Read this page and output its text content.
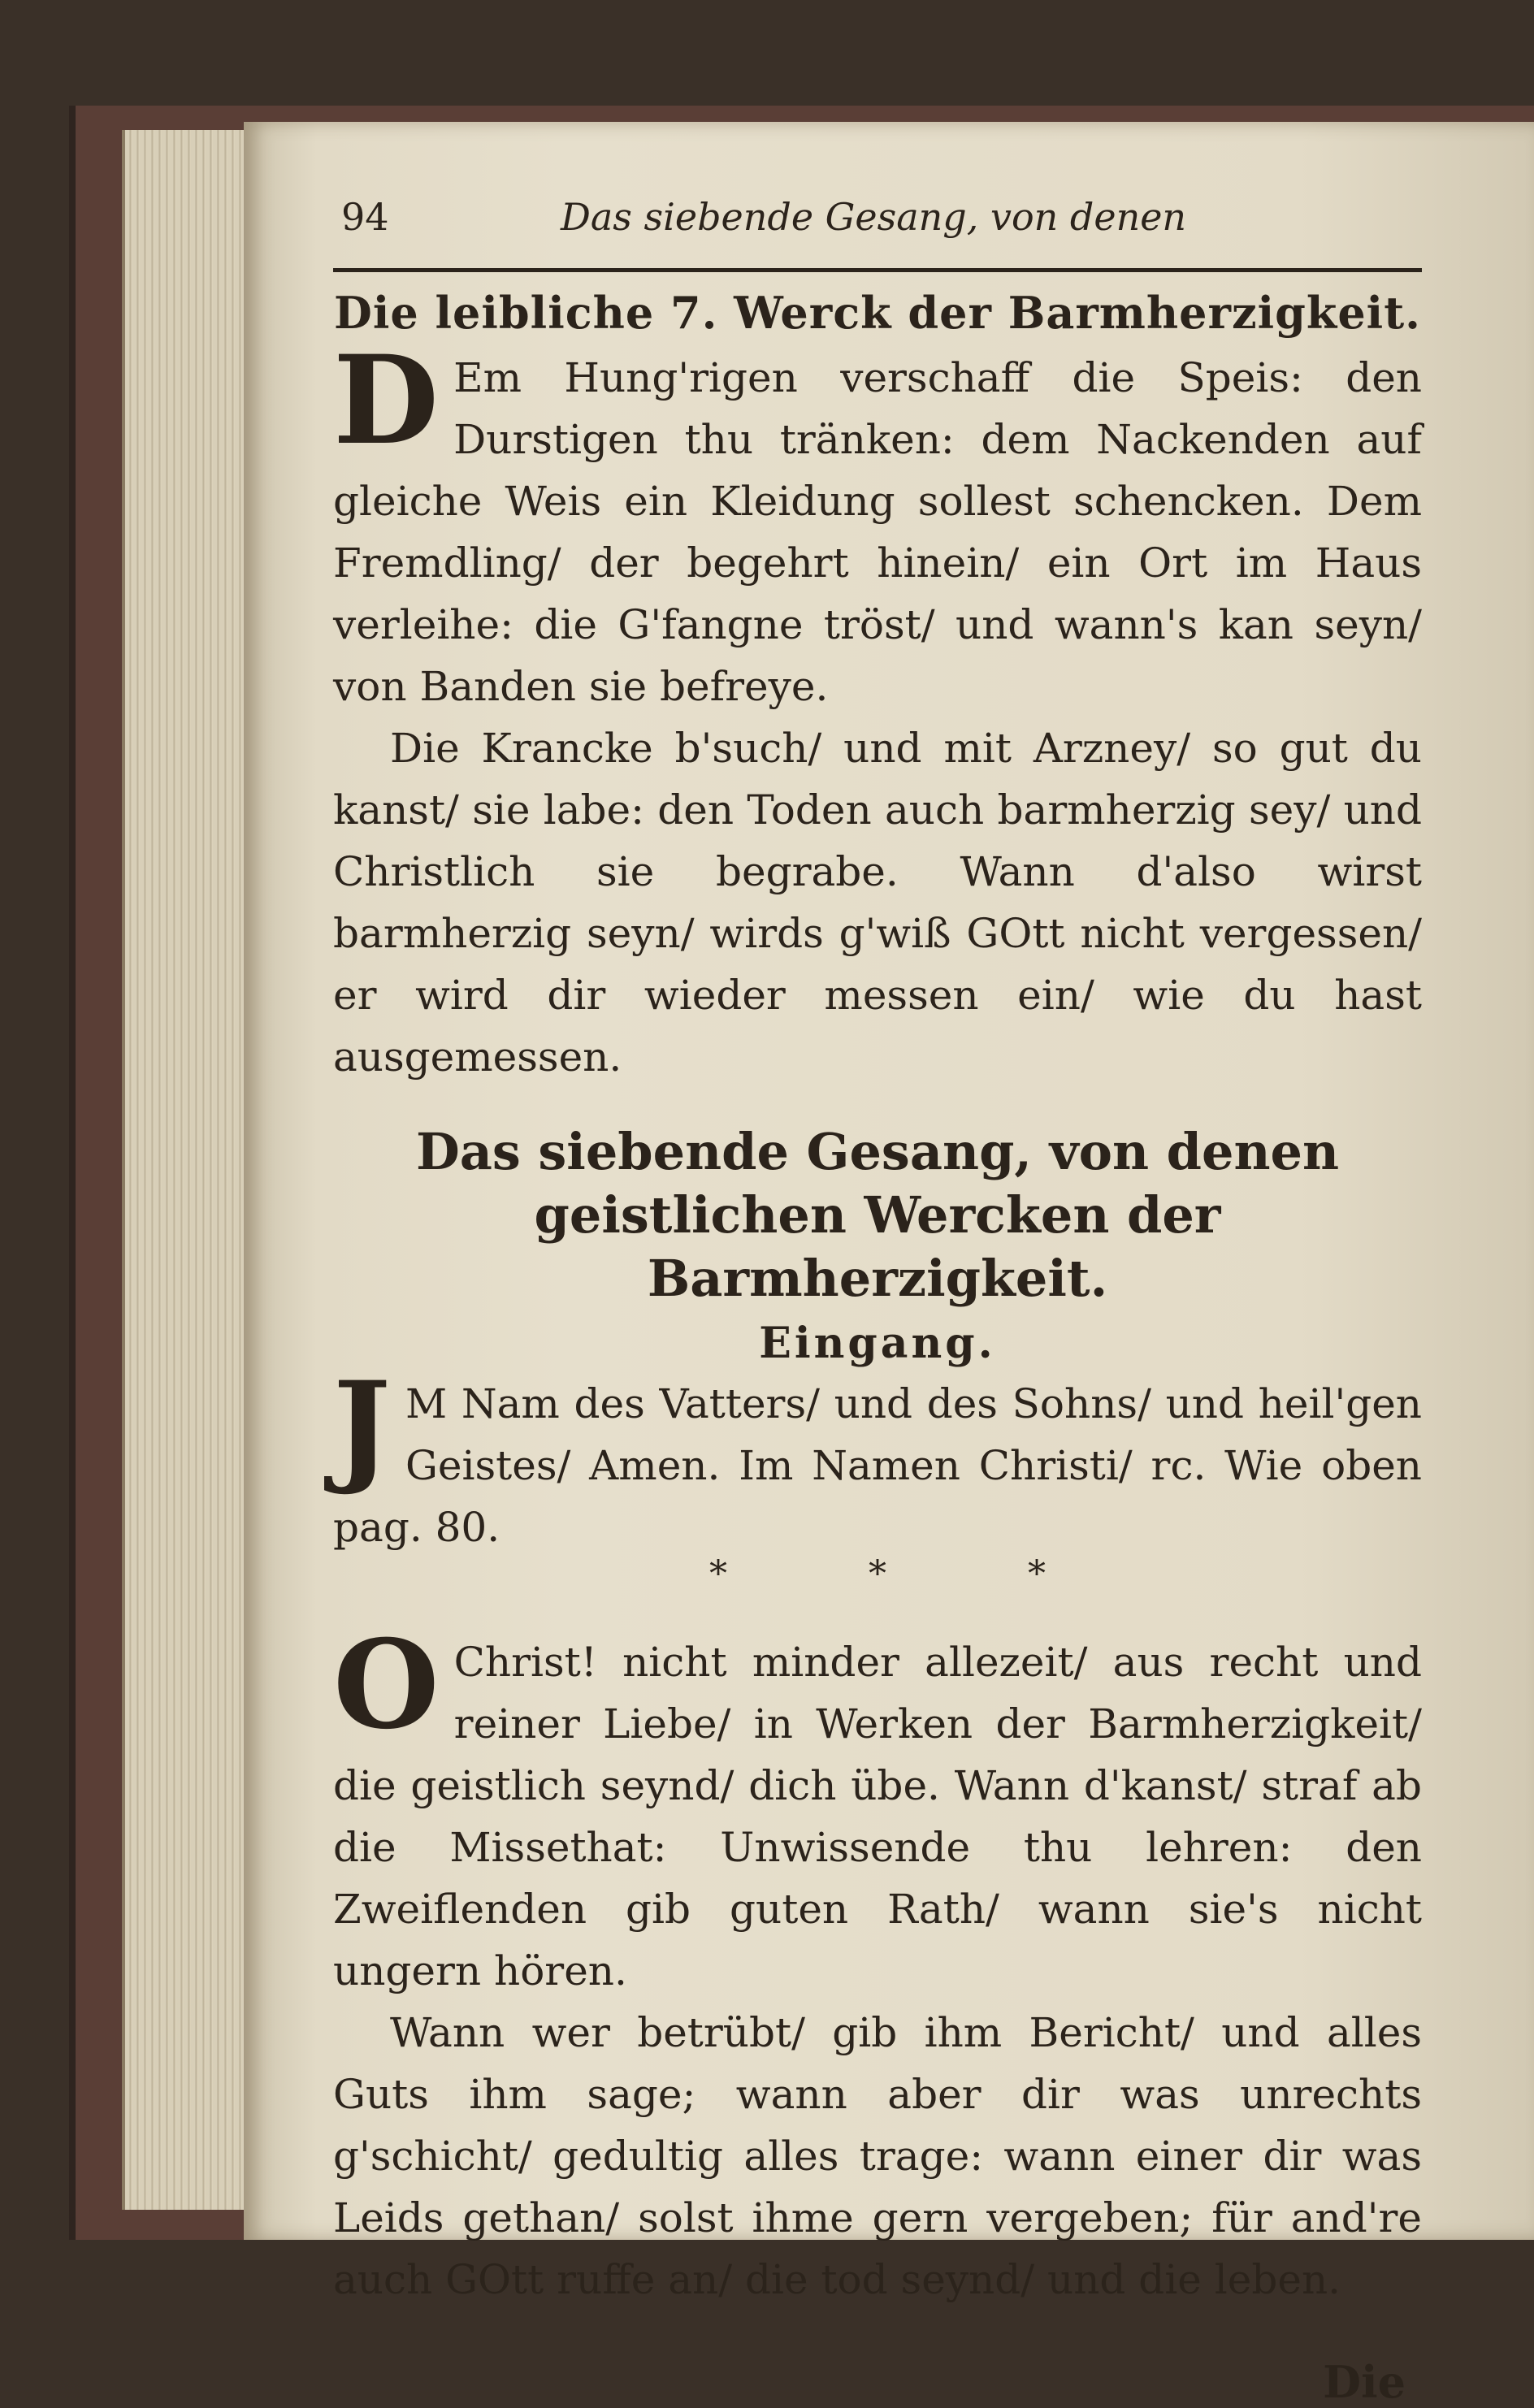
94	Das siebende Gesang, von denen
Die leibliche 7. Werck der Barmherzigkeit.
D Em Hung'rigen verschaff die Speis: den Durstigen thu tränken: dem Nackenden auf gleiche Weis ein Kleidung sollest schencken. Dem Fremdling/ der begehrt hinein/ ein Ort im Haus verleihe: die G'fangne tröst/ und wann's kan seyn/ von Banden sie befreye.

Die Krancke b'such/ und mit Arzney/ so gut du kanst/ sie labe: den Toden auch barmherzig sey/ und Christlich sie begrabe. Wann d'also wirst barmherzig seyn/ wirds g'wiß GOtt nicht vergessen/ er wird dir wieder messen ein/ wie du hast ausgemessen.

Das siebende Gesang, von denen geistlichen Wercken der Barmherzigkeit.
Eingang.
J M Nam des Vatters/ und des Sohns/ und heil'gen Geistes/ Amen. Im Namen Christi/ rc. Wie oben pag. 80.

* * *
O Christ! nicht minder allezeit/ aus recht und reiner Liebe/ in Werken der Barmherzigkeit/ die geistlich seynd/ dich übe. Wann d'kanst/ straf ab die Missethat: Unwissende thu lehren: den Zweiflenden gib guten Rath/ wann sie's nicht ungern hören.

Wann wer betrübt/ gib ihm Bericht/ und alles Guts ihm sage; wann aber dir was unrechts g'schicht/ gedultig alles trage: wann einer dir was Leids gethan/ solst ihme gern vergeben; für and're auch GOtt ruffe an/ die tod seynd/ und die leben.

Die
